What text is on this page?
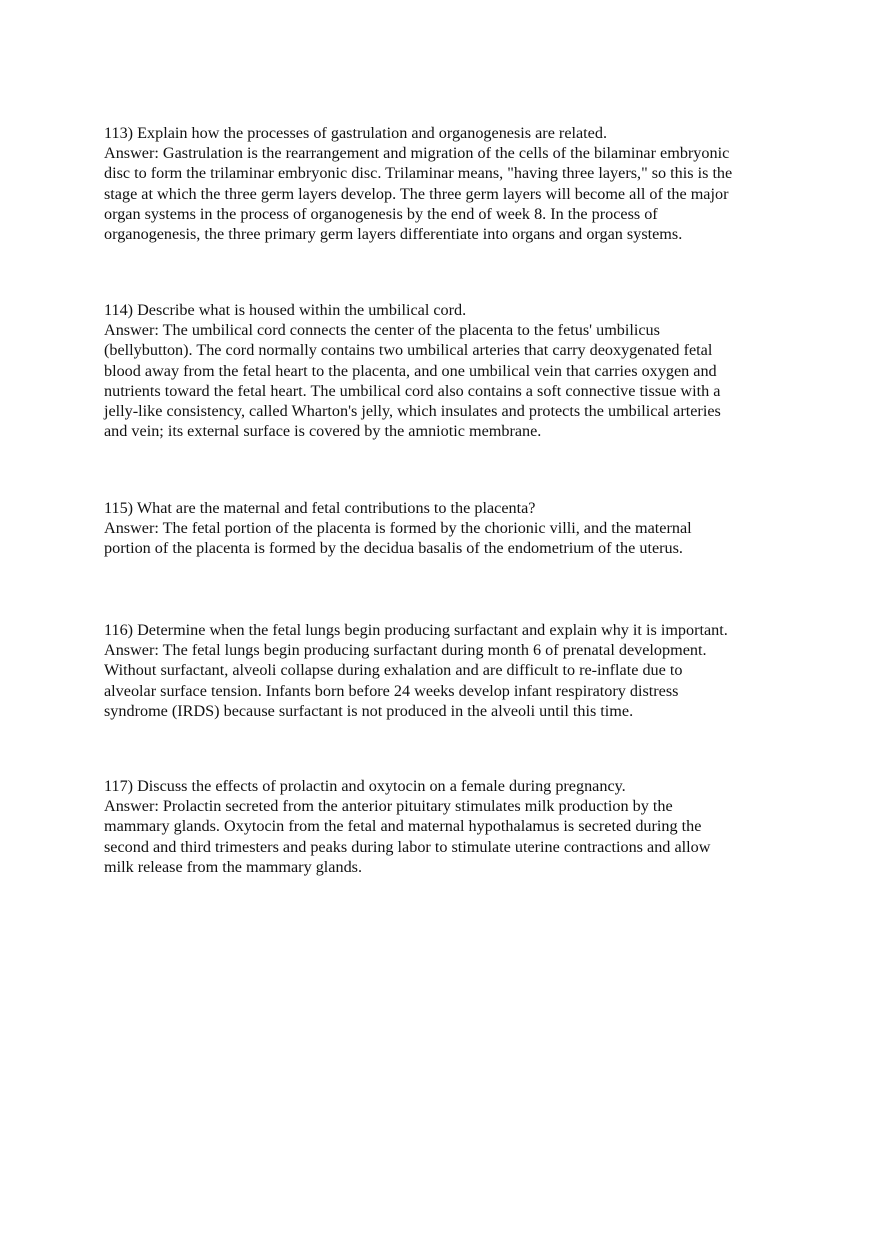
113) Explain how the processes of gastrulation and organogenesis are related.

Answer: Gastrulation is the rearrangement and migration of the cells of the bilaminar embryonic

disc to form the trilaminar embryonic disc. Trilaminar means, "having three layers," so this is the

stage at which the three germ layers develop. The three germ layers will become all of the major

organ systems in the process of organogenesis by the end of week 8. In the process of

organogenesis, the three primary germ layers differentiate into organs and organ systems.

114) Describe what is housed within the umbilical cord.

Answer: The umbilical cord connects the center of the placenta to the fetus' umbilicus

(bellybutton). The cord normally contains two umbilical arteries that carry deoxygenated fetal

blood away from the fetal heart to the placenta, and one umbilical vein that carries oxygen and

nutrients toward the fetal heart. The umbilical cord also contains a soft connective tissue with a

jelly-like consistency, called Wharton's jelly, which insulates and protects the umbilical arteries

and vein; its external surface is covered by the amniotic membrane.

115) What are the maternal and fetal contributions to the placenta?

Answer: The fetal portion of the placenta is formed by the chorionic villi, and the maternal

portion of the placenta is formed by the decidua basalis of the endometrium of the uterus.

116) Determine when the fetal lungs begin producing surfactant and explain why it is important.

Answer: The fetal lungs begin producing surfactant during month 6 of prenatal development.

Without surfactant, alveoli collapse during exhalation and are difficult to re-inflate due to

alveolar surface tension. Infants born before 24 weeks develop infant respiratory distress

syndrome (IRDS) because surfactant is not produced in the alveoli until this time.

117) Discuss the effects of prolactin and oxytocin on a female during pregnancy.

Answer: Prolactin secreted from the anterior pituitary stimulates milk production by the

mammary glands. Oxytocin from the fetal and maternal hypothalamus is secreted during the

second and third trimesters and peaks during labor to stimulate uterine contractions and allow

milk release from the mammary glands.
